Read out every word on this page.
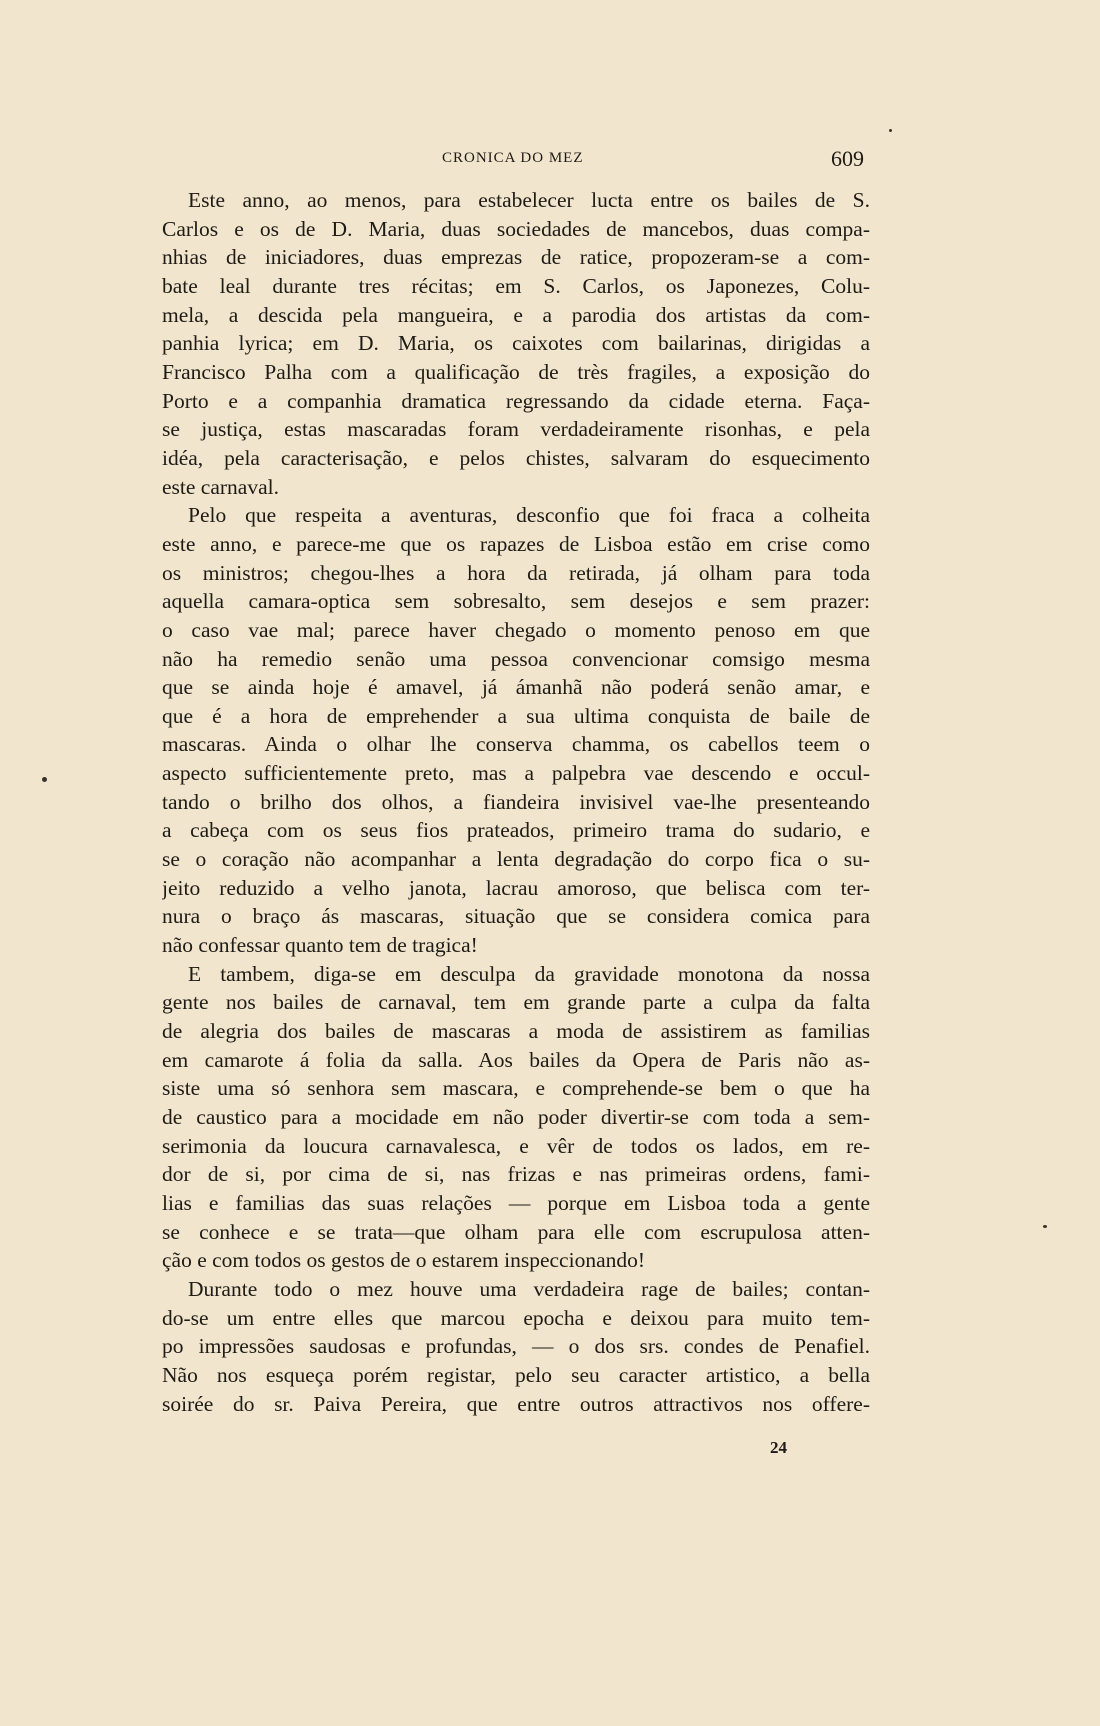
CRONICA DO MEZ	609
Este anno, ao menos, para estabelecer lucta entre os bailes de S.
Carlos e os de D. Maria, duas sociedades de mancebos, duas compa-
nhias de iniciadores, duas emprezas de ratice, propozeram-se a com-
bate leal durante tres récitas; em S. Carlos, os Japonezes, Colu-
mela, a descida pela mangueira, e a parodia dos artistas da com-
panhia lyrica; em D. Maria, os caixotes com bailarinas, dirigidas a
Francisco Palha com a qualificação de très fragiles, a exposição do
Porto e a companhia dramatica regressando da cidade eterna. Faça-
se justiça, estas mascaradas foram verdadeiramente risonhas, e pela
idéa, pela caracterisação, e pelos chistes, salvaram do esquecimento
este carnaval.
Pelo que respeita a aventuras, desconfio que foi fraca a colheita
este anno, e parece-me que os rapazes de Lisboa estão em crise como
os ministros; chegou-lhes a hora da retirada, já olham para toda
aquella camara-optica sem sobresalto, sem desejos e sem prazer:
o caso vae mal; parece haver chegado o momento penoso em que
não ha remedio senão uma pessoa convencionar comsigo mesma
que se ainda hoje é amavel, já ámanhã não poderá senão amar, e
que é a hora de emprehender a sua ultima conquista de baile de
mascaras. Ainda o olhar lhe conserva chamma, os cabellos teem o
aspecto sufficientemente preto, mas a palpebra vae descendo e occul-
tando o brilho dos olhos, a fiandeira invisivel vae-lhe presenteando
a cabeça com os seus fios prateados, primeiro trama do sudario, e
se o coração não acompanhar a lenta degradação do corpo fica o su-
jeito reduzido a velho janota, lacrau amoroso, que belisca com ter-
nura o braço ás mascaras, situação que se considera comica para
não confessar quanto tem de tragica!
E tambem, diga-se em desculpa da gravidade monotona da nossa
gente nos bailes de carnaval, tem em grande parte a culpa da falta
de alegria dos bailes de mascaras a moda de assistirem as familias
em camarote á folia da salla. Aos bailes da Opera de Paris não as-
siste uma só senhora sem mascara, e comprehende-se bem o que ha
de caustico para a mocidade em não poder divertir-se com toda a sem-
serimonia da loucura carnavalesca, e vêr de todos os lados, em re-
dor de si, por cima de si, nas frizas e nas primeiras ordens, fami-
lias e familias das suas relações — porque em Lisboa toda a gente
se conhece e se trata—que olham para elle com escrupulosa atten-
ção e com todos os gestos de o estarem inspeccionando!
Durante todo o mez houve uma verdadeira rage de bailes; contan-
do-se um entre elles que marcou epocha e deixou para muito tem-
po impressões saudosas e profundas, — o dos srs. condes de Penafiel.
Não nos esqueça porém registar, pelo seu caracter artistico, a bella
soirée do sr. Paiva Pereira, que entre outros attractivos nos offere-
24
